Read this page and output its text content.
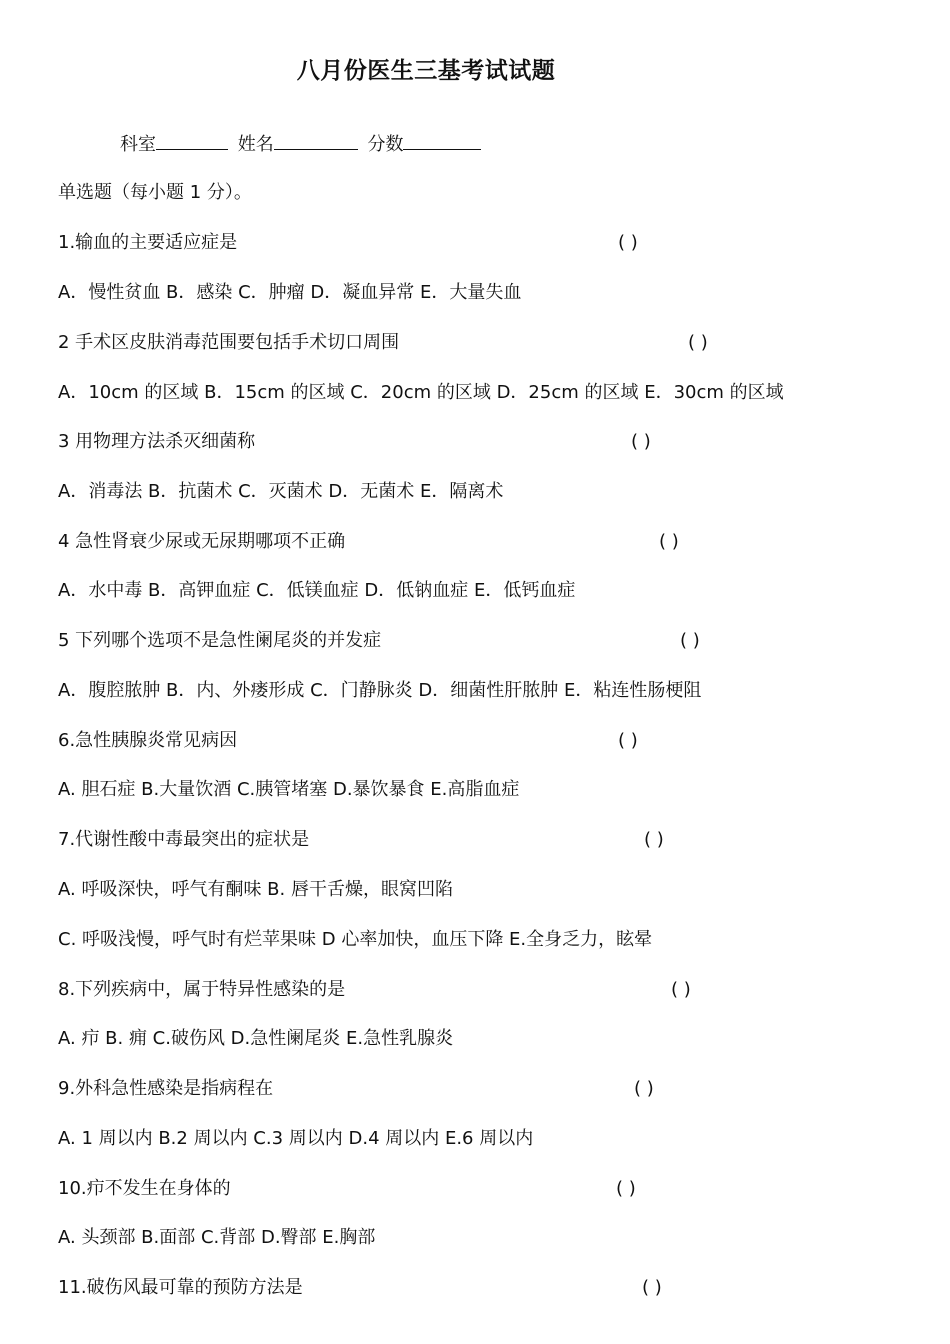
八月份医生三基考试试题
科室	姓名	分数
单选题（每小题 1 分）。
1.输血的主要适应症是	( )
A．慢性贫血 B．感染 C．肿瘤 D．凝血异常 E．大量失血
2 手术区皮肤消毒范围要包括手术切口周围	( )
A．10cm 的区域 B．15cm 的区域 C．20cm 的区域 D．25cm 的区域 E．30cm 的区域
3 用物理方法杀灭细菌称	( )
A．消毒法 B．抗菌术 C．灭菌术 D．无菌术 E．隔离术
4 急性肾衰少尿或无尿期哪项不正确	( )
A．水中毒 B．高钾血症 C．低镁血症 D．低钠血症 E．低钙血症
5 下列哪个选项不是急性阑尾炎的并发症	( )
A．腹腔脓肿 B．内、外瘘形成 C．门静脉炎 D．细菌性肝脓肿 E．粘连性肠梗阻
6.急性胰腺炎常见病因	( )
A. 胆石症 B.大量饮酒 C.胰管堵塞 D.暴饮暴食 E.高脂血症
7.代谢性酸中毒最突出的症状是	( )
A. 呼吸深快，呼气有酮味 B. 唇干舌燥，眼窝凹陷
C. 呼吸浅慢，呼气时有烂苹果味 D 心率加快，血压下降 E.全身乏力，眩晕
8.下列疾病中，属于特异性感染的是	( )
A. 疖 B. 痈 C.破伤风 D.急性阑尾炎 E.急性乳腺炎
9.外科急性感染是指病程在	( )
A. 1 周以内 B.2 周以内 C.3 周以内 D.4 周以内 E.6 周以内
10.疖不发生在身体的	( )
A. 头颈部 B.面部 C.背部 D.臀部 E.胸部
11.破伤风最可靠的预防方法是	( )
